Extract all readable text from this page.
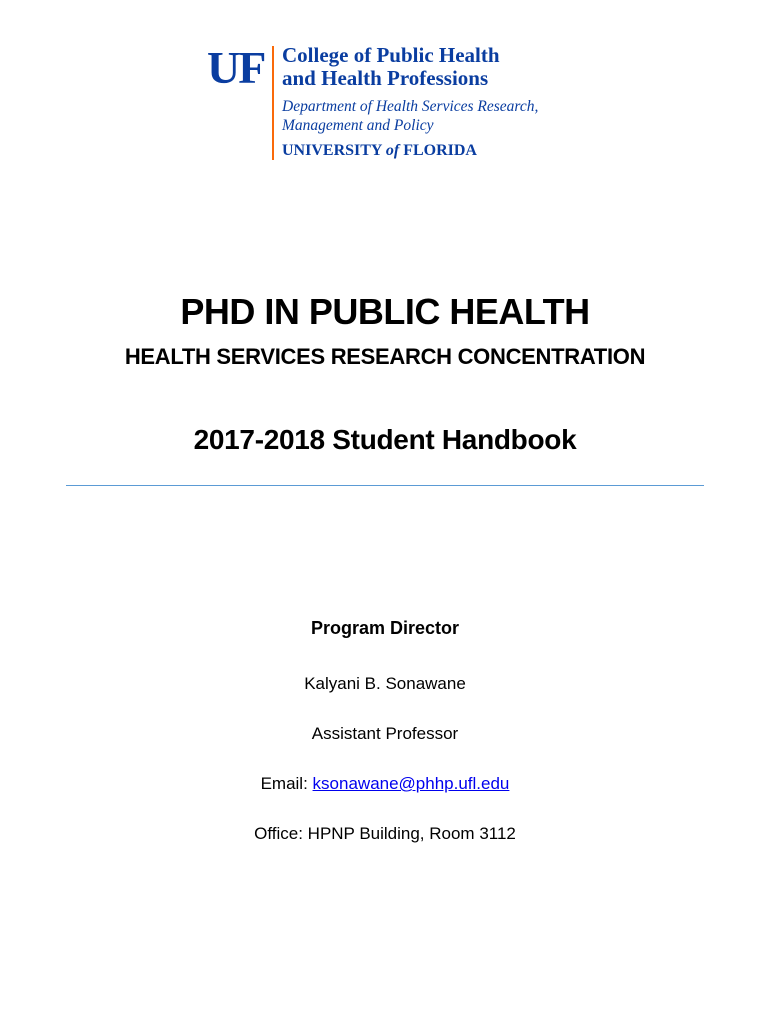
UF College of Public Health
and Health Professions
Department of Health Services Research,
Management and Policy
UNIVERSITY of FLORIDA
PHD IN PUBLIC HEALTH
HEALTH SERVICES RESEARCH CONCENTRATION
2017-2018 Student Handbook
Program Director
Kalyani B. Sonawane
Assistant Professor
Email: ksonawane@phhp.ufl.edu
Office: HPNP Building, Room 3112
